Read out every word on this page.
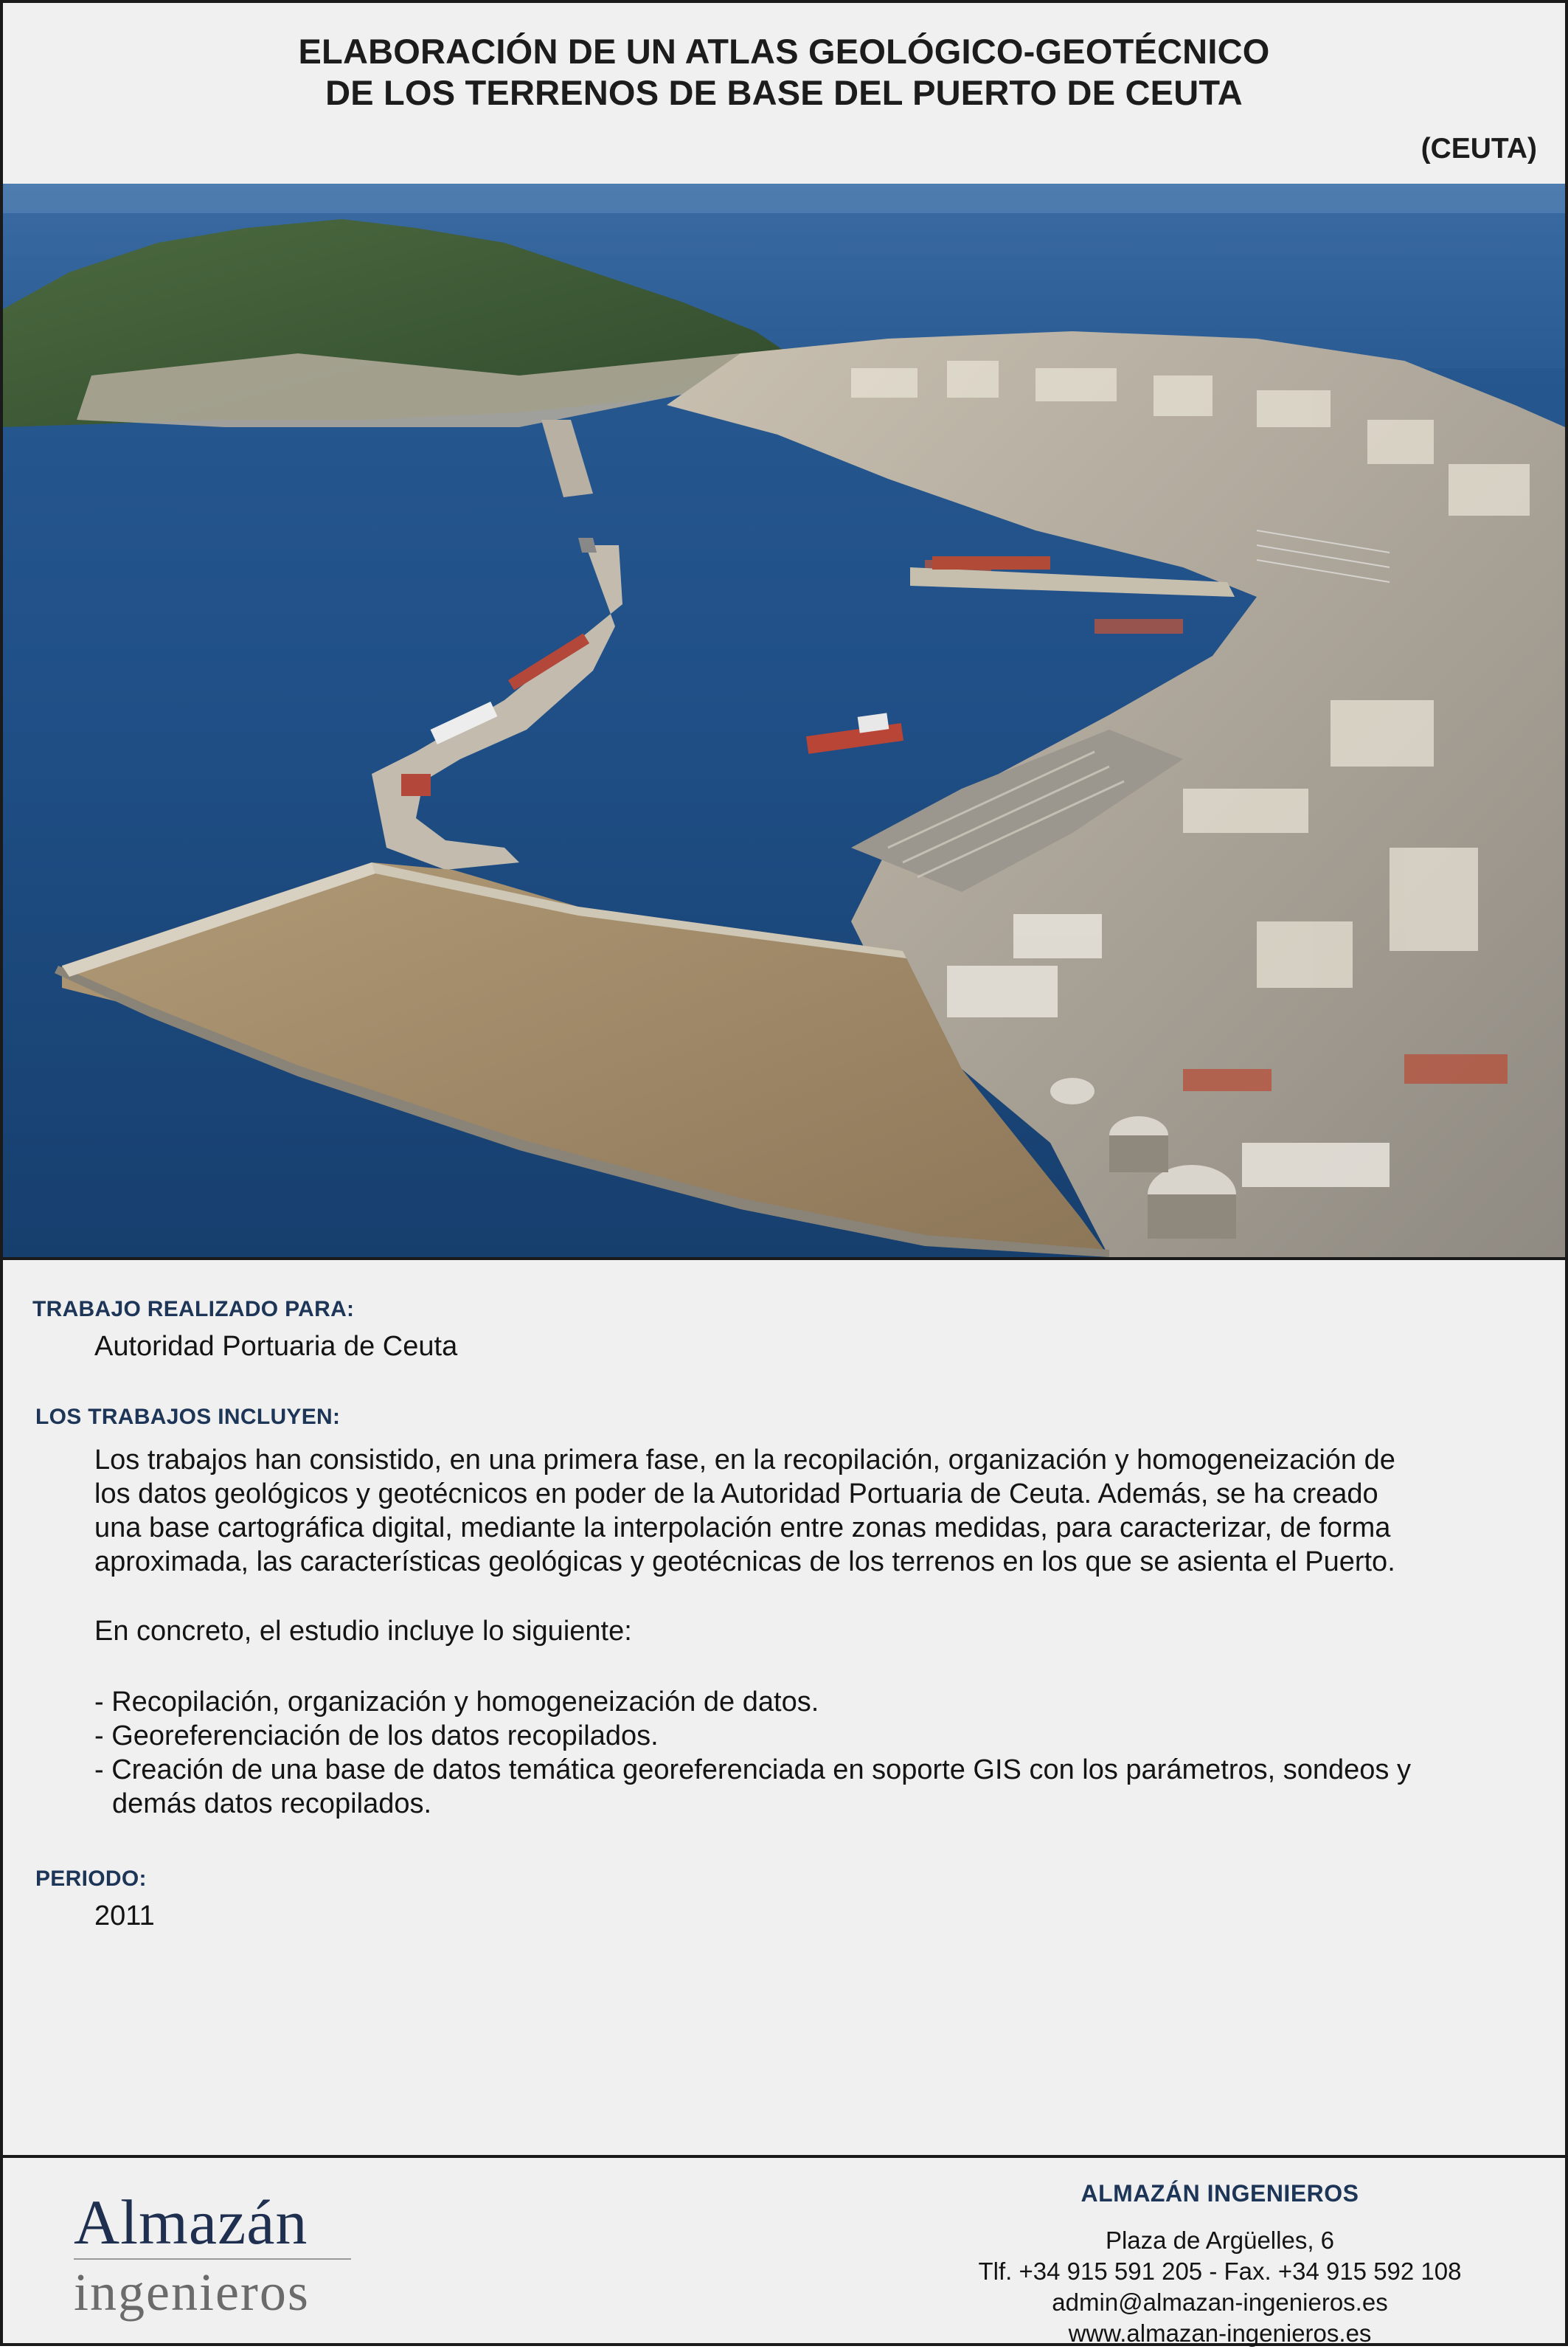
ELABORACIÓN DE UN ATLAS GEOLÓGICO-GEOTÉCNICO
DE LOS TERRENOS DE BASE DEL PUERTO DE CEUTA
(CEUTA)
TRABAJO REALIZADO PARA:
Autoridad Portuaria de Ceuta
LOS TRABAJOS INCLUYEN:
Los trabajos han consistido, en una primera fase, en la recopilación, organización y homogeneización de
los datos geológicos y geotécnicos en poder de la Autoridad Portuaria de Ceuta. Además, se ha creado
una base cartográfica digital, mediante la interpolación entre zonas medidas, para caracterizar, de forma
aproximada, las características geológicas y geotécnicas de los terrenos en los que se asienta el Puerto.
En concreto, el estudio incluye lo siguiente:
- Recopilación, organización y homogeneización de datos.
- Georeferenciación de los datos recopilados.
- Creación de una base de datos temática georeferenciada en soporte GIS con los parámetros, sondeos y
demás datos recopilados.
PERIODO:
2011
Almazán
ingenieros
ALMAZÁN INGENIEROS
Plaza de Argüelles, 6
Tlf. +34 915 591 205 - Fax. +34 915 592 108
admin@almazan-ingenieros.es
www.almazan-ingenieros.es
